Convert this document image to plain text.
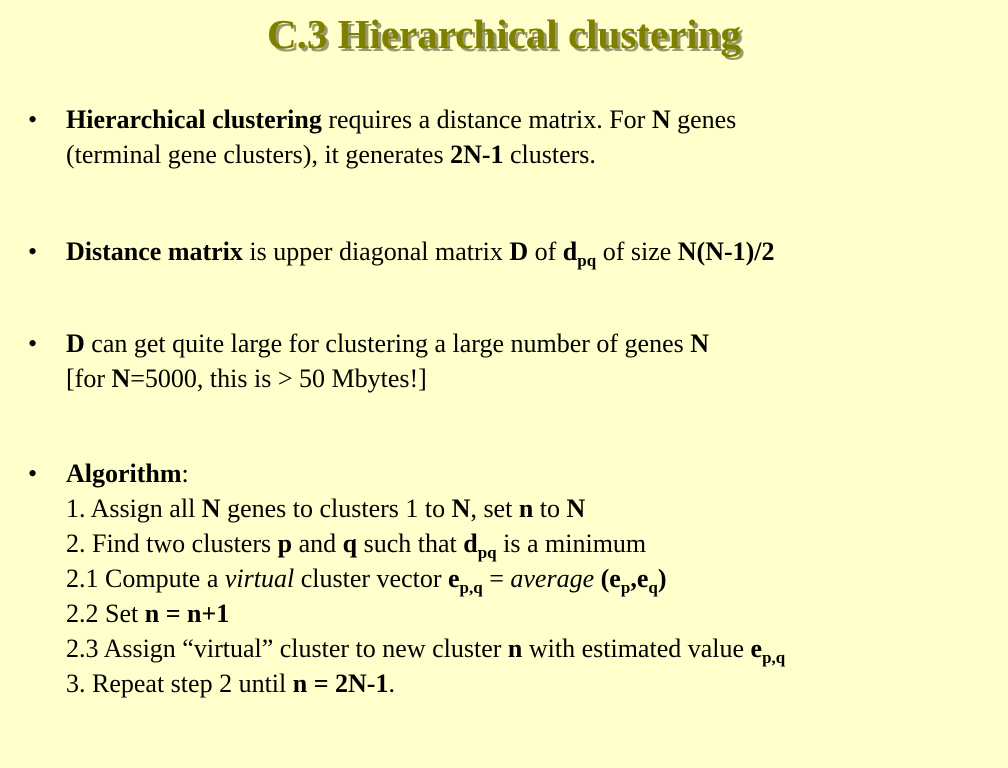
C.3 Hierarchical clustering
•	Hierarchical clustering requires a distance matrix. For N genes
(terminal gene clusters), it generates 2N-1 clusters.
•	Distance matrix is upper diagonal matrix D of $d_{pq}$ of size N(N-1)/2
•	D can get quite large for clustering a large number of genes N
[for N=5000, this is > 50 Mbytes!]
•	Algorithm:
1. Assign all N genes to clusters 1 to N, set n to N
2. Find two clusters p and q such that $d_{pq}$ is a minimum
2.1 Compute a virtual cluster vector $e_{p,q}$ = average $(e_p,e_q)$
2.2 Set n = n+1
2.3 Assign “virtual” cluster to new cluster n with estimated value $e_{p,q}$
3. Repeat step 2 until n = 2N-1.
